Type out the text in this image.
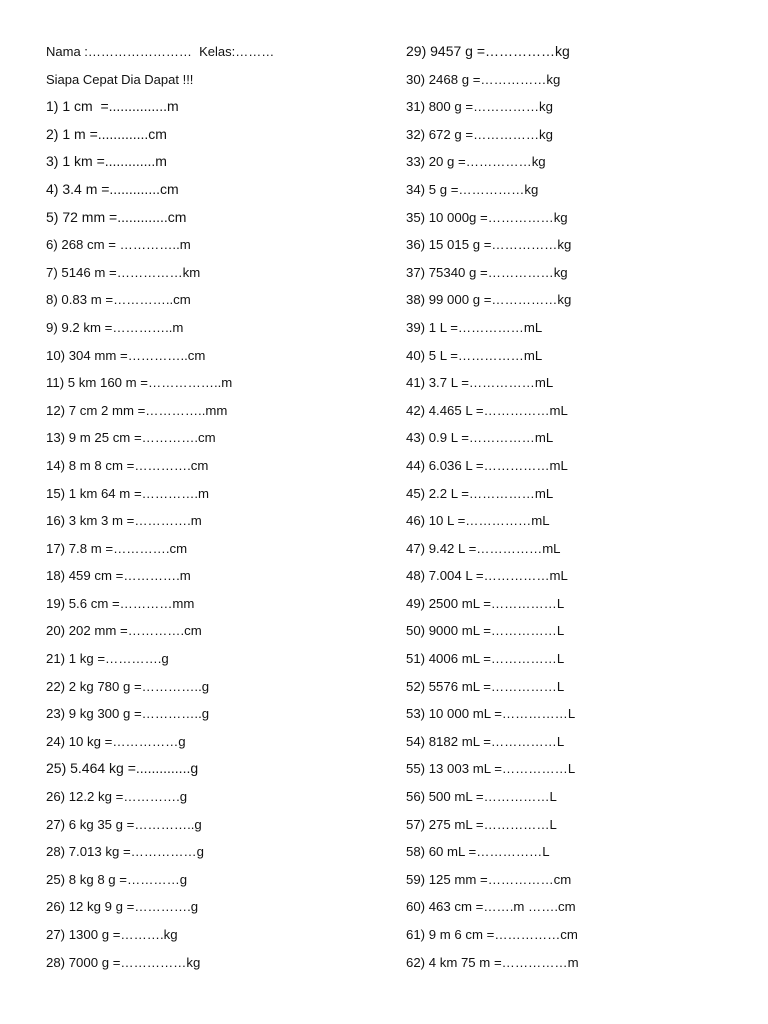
Nama :……………………  Kelas:………
Siapa Cepat Dia Dapat !!!
1) 1 cm  =...............m
2) 1 m =.............cm
3) 1 km =.............m
4) 3.4 m =.............cm
5) 72 mm =.............cm
6) 268 cm = …………..m
7) 5146 m =……………km
8) 0.83 m =…………..cm
9) 9.2 km =…………..m
10) 304 mm =…………..cm
11) 5 km 160 m =……………..m
12) 7 cm 2 mm =…………..mm
13) 9 m 25 cm =………….cm
14) 8 m 8 cm =………….cm
15) 1 km 64 m =………….m
16) 3 km 3 m =………….m
17) 7.8 m =………….cm
18) 459 cm =………….m
19) 5.6 cm =…………mm
20) 202 mm =………….cm
21) 1 kg =………….g
22) 2 kg 780 g =…………..g
23) 9 kg 300 g =…………..g
24) 10 kg =……………g
25) 5.464 kg =..............g
26) 12.2 kg =………….g
27) 6 kg 35 g =…………..g
28) 7.013 kg =……………g
25) 8 kg 8 g =…………g
26) 12 kg 9 g =………….g
27) 1300 g =……….kg
28) 7000 g =……………kg
29) 9457 g =……………kg
30) 2468 g =……………kg
31) 800 g =……………kg
32) 672 g =……………kg
33) 20 g =……………kg
34) 5 g =……………kg
35) 10 000g =……………kg
36) 15 015 g =……………kg
37) 75340 g =……………kg
38) 99 000 g =……………kg
39) 1 L =……………mL
40) 5 L =……………mL
41) 3.7 L =……………mL
42) 4.465 L =……………mL
43) 0.9 L =……………mL
44) 6.036 L =……………mL
45) 2.2 L =……………mL
46) 10 L =……………mL
47) 9.42 L =……………mL
48) 7.004 L =……………mL
49) 2500 mL =……………L
50) 9000 mL =……………L
51) 4006 mL =……………L
52) 5576 mL =……………L
53) 10 000 mL =……………L
54) 8182 mL =……………L
55) 13 003 mL =……………L
56) 500 mL =……………L
57) 275 mL =……………L
58) 60 mL =……………L
59) 125 mm =……………cm
60) 463 cm =…….m …….cm
61) 9 m 6 cm =……………cm
62) 4 km 75 m =……………m
